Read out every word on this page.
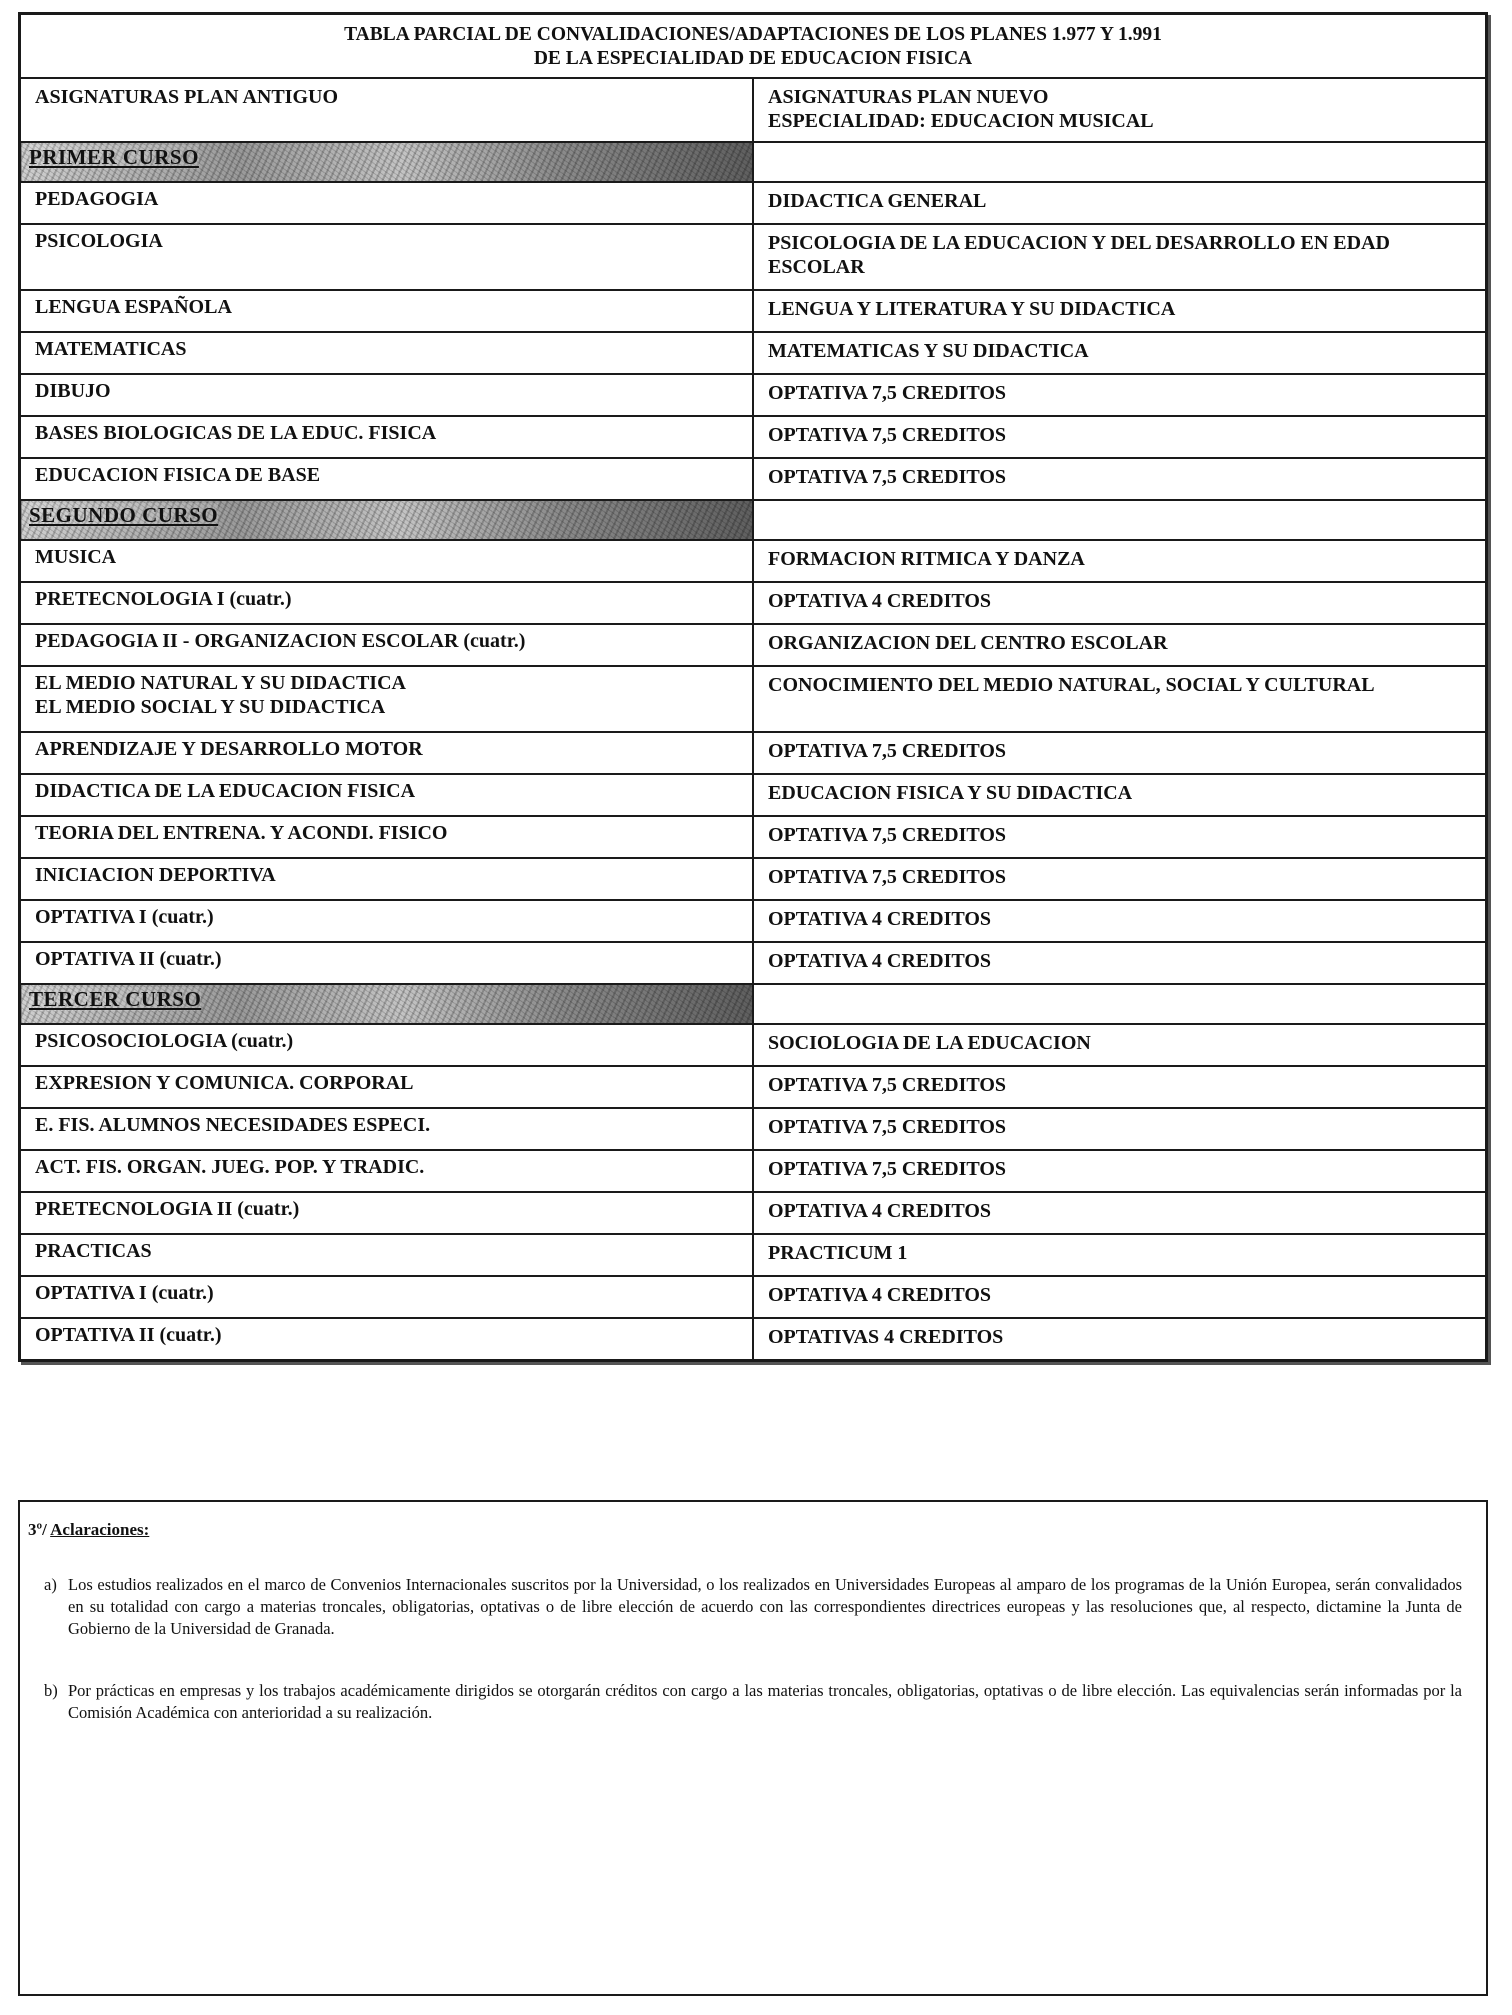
TABLA PARCIAL DE CONVALIDACIONES/ADAPTACIONES DE LOS PLANES 1.977 Y 1.991
DE LA ESPECIALIDAD DE EDUCACION FISICA	

ASIGNATURAS PLAN ANTIGUO	ASIGNATURAS PLAN NUEVO
ESPECIALIDAD: EDUCACION MUSICAL

PRIMER CURSO	
PEDAGOGIA	DIDACTICA GENERAL
PSICOLOGIA	PSICOLOGIA DE LA EDUCACION Y DEL DESARROLLO EN EDAD ESCOLAR
LENGUA ESPAÑOLA	LENGUA Y LITERATURA Y SU DIDACTICA
MATEMATICAS	MATEMATICAS Y SU DIDACTICA
DIBUJO	OPTATIVA 7,5 CREDITOS
BASES BIOLOGICAS DE LA EDUC. FISICA	OPTATIVA 7,5 CREDITOS
EDUCACION FISICA DE BASE	OPTATIVA 7,5 CREDITOS
SEGUNDO CURSO	
MUSICA	FORMACION RITMICA Y DANZA
PRETECNOLOGIA I (cuatr.)	OPTATIVA 4 CREDITOS
PEDAGOGIA II - ORGANIZACION ESCOLAR (cuatr.)	ORGANIZACION DEL CENTRO ESCOLAR

EL MEDIO NATURAL Y SU DIDACTICA
EL MEDIO SOCIAL Y SU DIDACTICA	CONOCIMIENTO DEL MEDIO NATURAL, SOCIAL Y CULTURAL
APRENDIZAJE Y DESARROLLO MOTOR	OPTATIVA 7,5 CREDITOS
DIDACTICA DE LA EDUCACION FISICA	EDUCACION FISICA Y SU DIDACTICA
TEORIA DEL ENTRENA. Y ACONDI. FISICO	OPTATIVA 7,5 CREDITOS
INICIACION DEPORTIVA	OPTATIVA 7,5 CREDITOS
OPTATIVA I (cuatr.)	OPTATIVA 4 CREDITOS
OPTATIVA II (cuatr.)	OPTATIVA 4 CREDITOS
TERCER CURSO	
PSICOSOCIOLOGIA (cuatr.)	SOCIOLOGIA DE LA EDUCACION
EXPRESION Y COMUNICA. CORPORAL	OPTATIVA 7,5 CREDITOS
E. FIS. ALUMNOS NECESIDADES ESPECI.	OPTATIVA 7,5 CREDITOS
ACT. FIS. ORGAN. JUEG. POP. Y TRADIC.	OPTATIVA 7,5 CREDITOS
PRETECNOLOGIA II (cuatr.)	OPTATIVA 4 CREDITOS
PRACTICAS	PRACTICUM 1
OPTATIVA I (cuatr.)	OPTATIVA 4 CREDITOS
OPTATIVA II (cuatr.)	OPTATIVAS 4 CREDITOS
3º/ Aclaraciones:
a) Los estudios realizados en el marco de Convenios Internacionales suscritos por la Universidad, o los realizados en Universidades Europeas al amparo de los programas de la Unión Europea, serán convalidados en su totalidad con cargo a materias troncales, obligatorias, optativas o de libre elección de acuerdo con las correspondientes directrices europeas y las resoluciones que, al respecto, dictamine la Junta de Gobierno de la Universidad de Granada.
b) Por prácticas en empresas y los trabajos académicamente dirigidos se otorgarán créditos con cargo a las materias troncales, obligatorias, optativas o de libre elección. Las equivalencias serán informadas por la Comisión Académica con anterioridad a su realización.
